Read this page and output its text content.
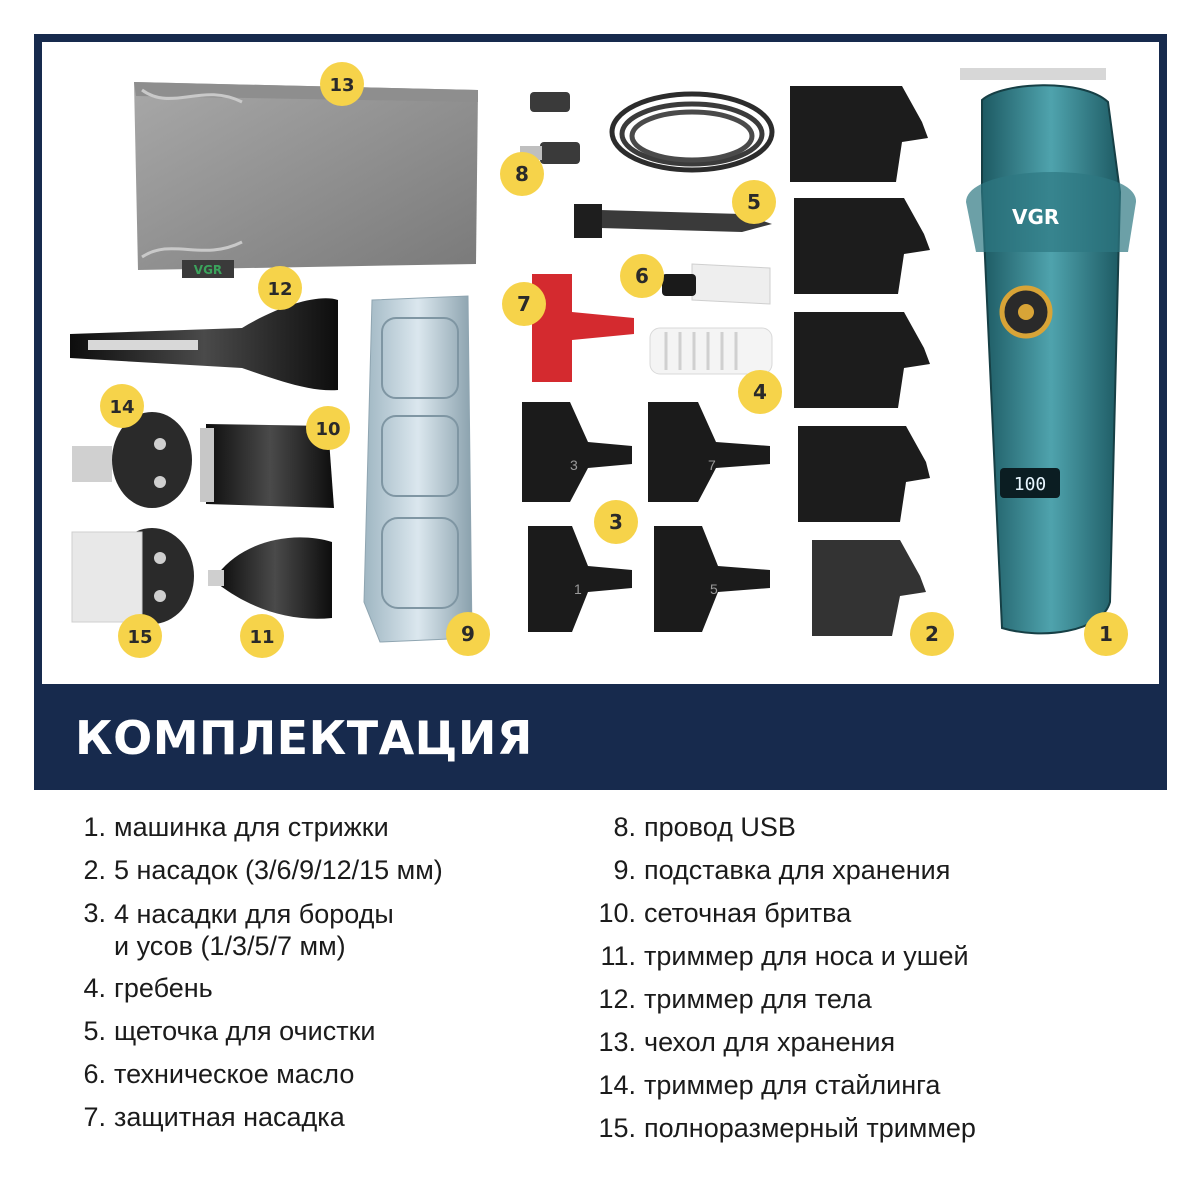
VGR
3	7
1	5
VGR
100
1
2
3
4
5
6
7
8
9
10
11
12
13
14
15
КОМПЛЕКТАЦИЯ
1. машинка для стрижки
2. 5 насадок (3/6/9/12/15 мм)
3. 4 насадки для бороды
и усов (1/3/5/7 мм)
4. гребень
5. щеточка для очистки
6. техническое масло
7. защитная насадка
8. провод USB
9. подставка для хранения
10. сеточная бритва
11. триммер для носа и ушей
12. триммер для тела
13. чехол для хранения
14. триммер для стайлинга
15. полноразмерный триммер
